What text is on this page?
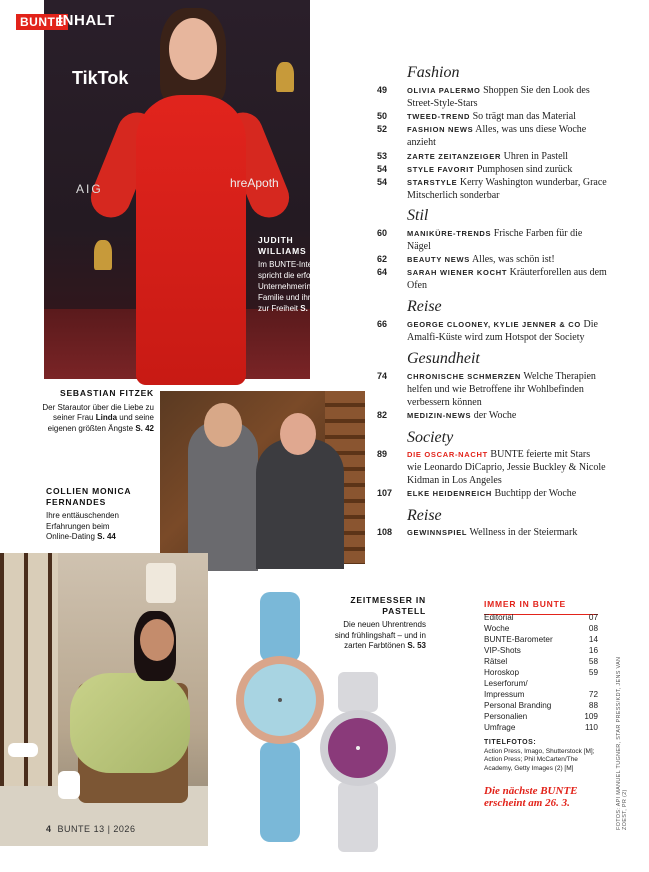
TikTok
AIG	hreApoth
JUDITH
WILLIAMS
Im BUNTE-Interview spricht die erfolgreiche Unternehmerin über ihre Familie und ihre Liebe zur Freiheit S. 84
BUNTE
INHALT
SEBASTIAN FITZEK
Der Starautor über die Liebe zu seiner Frau Linda und seine eigenen größten Ängste S. 42
COLLIEN MONICA
FERNANDES
Ihre enttäuschenden Erfahrungen beim Online-Dating S. 44
4 BUNTE 13 | 2026
ZEITMESSER IN
PASTELL
Die neuen Uhrentrends sind frühlingshaft – und in zarten Farbtönen S. 53
Fashion
49	OLIVIA PALERMO Shoppen Sie den Look des Street-Style-Stars
50	TWEED-TREND So trägt man das Material
52	FASHION NEWS Alles, was uns diese Woche anzieht
53	ZARTE ZEITANZEIGER Uhren in Pastell
54	STYLE FAVORIT Pumphosen sind zurück
54	STARSTYLE Kerry Washington wunderbar, Grace Mitscherlich sonderbar
Stil
60	MANIKÜRE-TRENDS Frische Farben für die Nägel
62	BEAUTY NEWS Alles, was schön ist!
64	SARAH WIENER KOCHT Kräuterforellen aus dem Ofen
Reise
66	GEORGE CLOONEY, KYLIE JENNER & CO Die Amalfi-Küste wird zum Hotspot der Society
Gesundheit
74	CHRONISCHE SCHMERZEN Welche Therapien helfen und wie Betroffene ihr Wohlbefinden verbessern können
82	MEDIZIN-NEWS der Woche
Society
89	DIE OSCAR-NACHT BUNTE feierte mit Stars wie Leonardo DiCaprio, Jessie Buckley & Nicole Kidman in Los Angeles
107 ELKE HEIDENREICH Buchtipp der Woche
Reise
108 GEWINNSPIEL Wellness in der Steiermark
IMMER IN BUNTE
Editorial	07
Woche	08
BUNTE-Barometer	14
VIP-Shots	16
Rätsel	58
Horoskop	59
Leserforum/
Impressum	72
Personal Branding	88
Personalien	109
Umfrage	110
TITELFOTOS:
Action Press, Imago, Shutterstock [M]; Action Press; Phil McCarten/The Academy, Getty Images (2) [M]
Die nächste BUNTE
erscheint am 26. 3.	FOTOS: API MANUEL TUGNER, STAR PRESS/KDT, JENS VAN ZOEST, PR (2)
